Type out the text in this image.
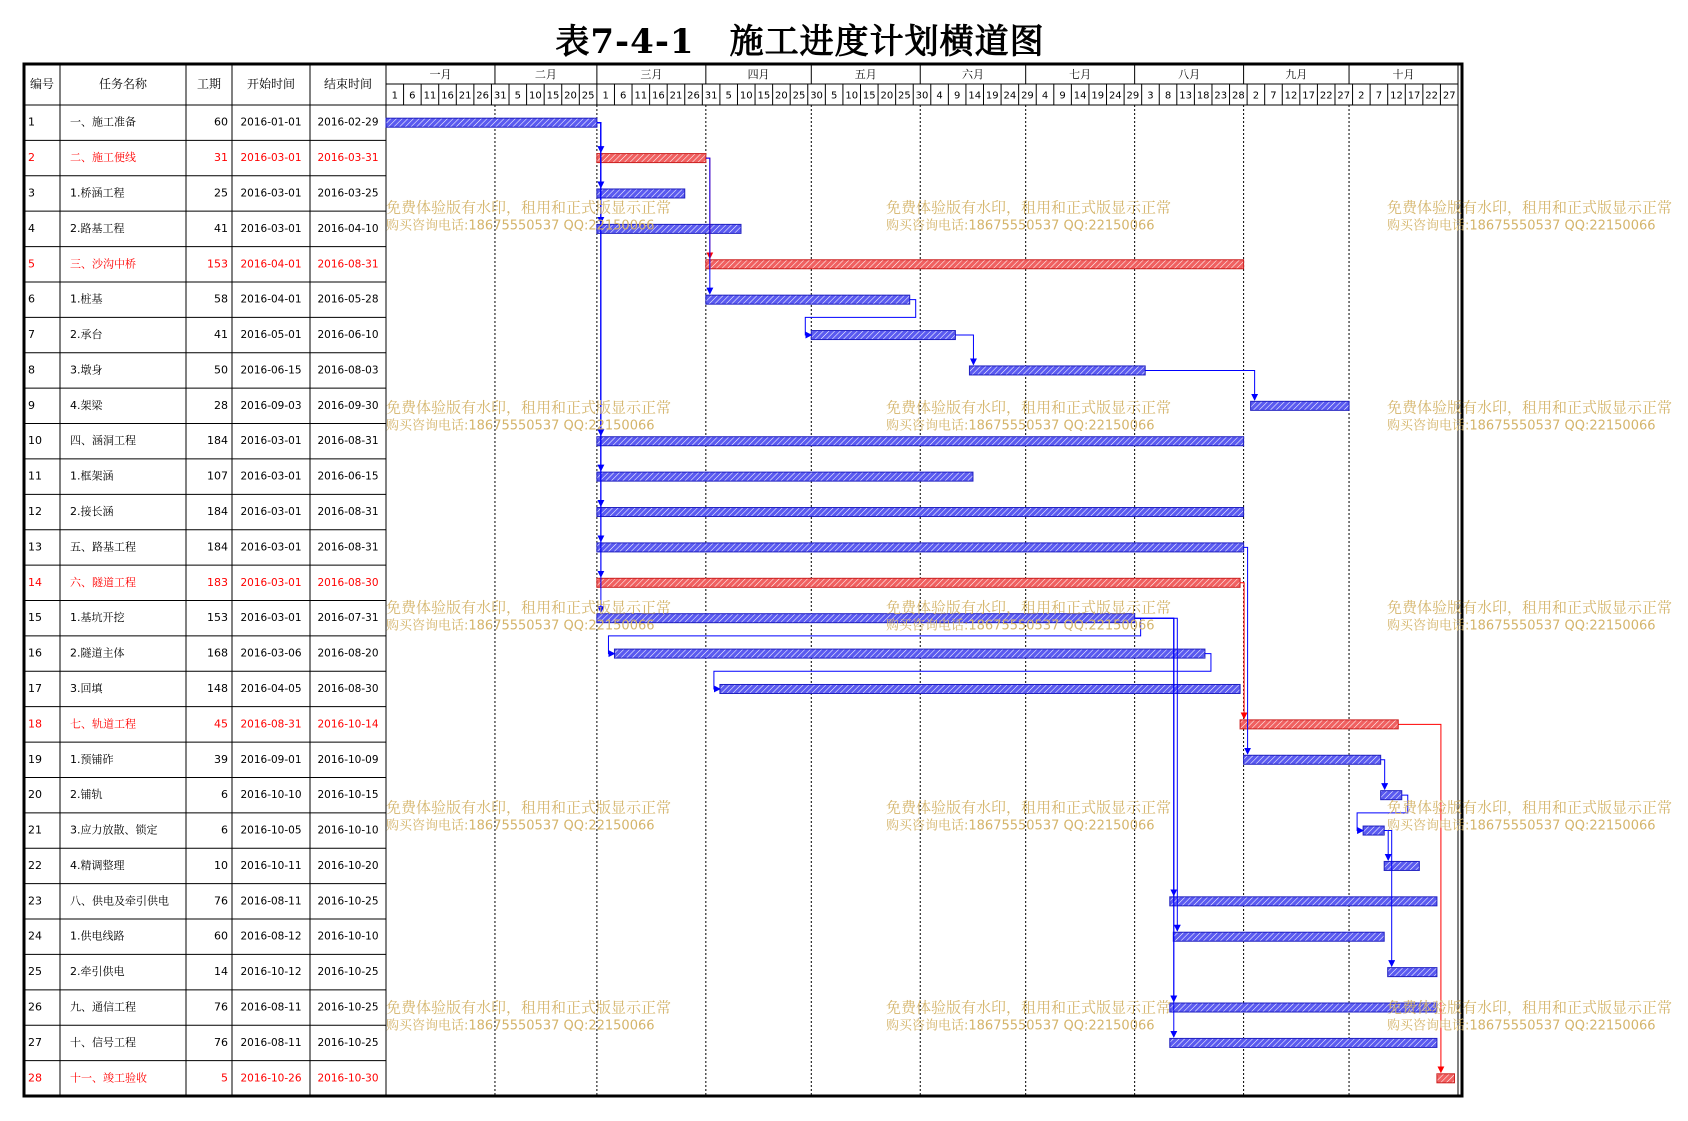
表7-4-1　施工进度计划横道图
编号	任务名称	工期 开始时间 结束时间
一月	二月	三月	四月	五月	六月	七月	八月	九月	十月
1 6 11 16 21 26 31 5 10 15 20 25 1 6 11 16 21 26 31 5 10 15 20 25 30 5 10 15 20 25 30 4 9 14 19 24 29 4 9 14 19 24 29 3 8 13 18 23 28 2 7 12 17 22 27 2 7 12 17 22 27
1	一、施工准备	60 2016-01-01 2016-02-29
2	二、施工便线	31 2016-03-01 2016-03-31
3	1.桥涵工程	25 2016-03-01 2016-03-25
4	2.路基工程	41 2016-03-01 2016-04-10
5	三、沙沟中桥	153 2016-04-01 2016-08-31
6	1.桩基	58 2016-04-01 2016-05-28
7	2.承台	41 2016-05-01 2016-06-10
8	3.墩身	50 2016-06-15 2016-08-03
9	4.架梁	28 2016-09-03 2016-09-30
10	四、涵洞工程	184 2016-03-01 2016-08-31
11	1.框架涵	107 2016-03-01 2016-06-15
12	2.接长涵	184 2016-03-01 2016-08-31
13	五、路基工程	184 2016-03-01 2016-08-31
14	六、隧道工程	183 2016-03-01 2016-08-30
15	1.基坑开挖	153 2016-03-01 2016-07-31
16	2.隧道主体	168 2016-03-06 2016-08-20
17	3.回填	148 2016-04-05 2016-08-30
18	七、轨道工程	45 2016-08-31 2016-10-14
19	1.预铺砟	39 2016-09-01 2016-10-09
20	2.铺轨	6 2016-10-10 2016-10-15
21	3.应力放散、锁定	6 2016-10-05 2016-10-10
22	4.精调整理	10 2016-10-11 2016-10-20
23	八、供电及牵引供电	76 2016-08-11 2016-10-25
24	1.供电线路	60 2016-08-12 2016-10-10
25	2.牵引供电	14 2016-10-12 2016-10-25
26	九、通信工程	76 2016-08-11 2016-10-25
27	十、信号工程	76 2016-08-11 2016-10-25
28	十一、竣工验收	5 2016-10-26 2016-10-30
免费体验版有水印，租用和正式版显示正常
购买咨询电话:18675550537 QQ:22150066
免费体验版有水印，租用和正式版显示正常
购买咨询电话:18675550537 QQ:22150066
免费体验版有水印，租用和正式版显示正常
购买咨询电话:18675550537 QQ:22150066
免费体验版有水印，租用和正式版显示正常
购买咨询电话:18675550537 QQ:22150066
免费体验版有水印，租用和正式版显示正常
购买咨询电话:18675550537 QQ:22150066
免费体验版有水印，租用和正式版显示正常
购买咨询电话:18675550537 QQ:22150066
免费体验版有水印，租用和正式版显示正常
购买咨询电话:18675550537 QQ:22150066
免费体验版有水印，租用和正式版显示正常
购买咨询电话:18675550537 QQ:22150066
免费体验版有水印，租用和正式版显示正常
购买咨询电话:18675550537 QQ:22150066
免费体验版有水印，租用和正式版显示正常
购买咨询电话:18675550537 QQ:22150066
免费体验版有水印，租用和正式版显示正常
购买咨询电话:18675550537 QQ:22150066
免费体验版有水印，租用和正式版显示正常
购买咨询电话:18675550537 QQ:22150066
免费体验版有水印，租用和正式版显示正常
购买咨询电话:18675550537 QQ:22150066
免费体验版有水印，租用和正式版显示正常
购买咨询电话:18675550537 QQ:22150066
免费体验版有水印，租用和正式版显示正常
购买咨询电话:18675550537 QQ:22150066
